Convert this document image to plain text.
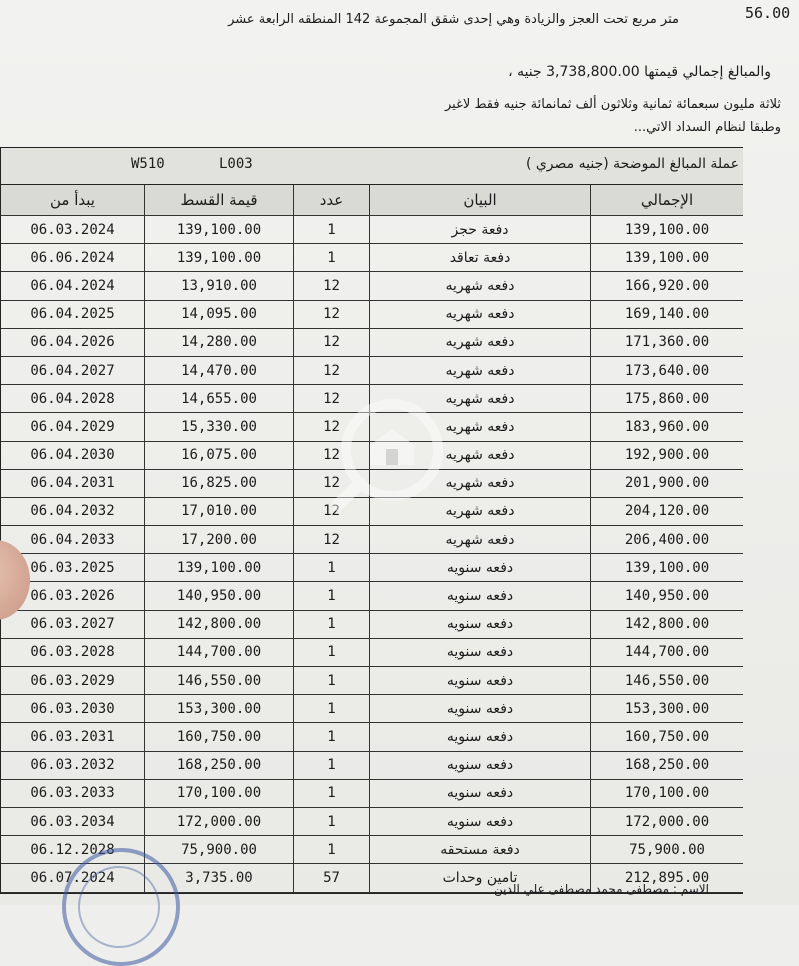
56.00
متر مربع تحت العجز والزيادة وهي إحدى شقق المجموعة 142 المنطقه الرابعة عشر
والمبالغ إجمالي قيمتها 3,738,800.00 جنيه ،
ثلاثة مليون سبعمائة ثمانية وثلاثون ألف ثمانمائة جنيه فقط لاغير
وطبقا لنظام السداد الاتي...
W510	L003	عملة المبالغ الموضحة (جنيه مصري )
يبدأ من	قيمة القسط	عدد	البيان	الإجمالي
06.03.2024	139,100.00	1	دفعة حجز	139,100.00
06.06.2024	139,100.00	1	دفعة تعاقد	139,100.00
06.04.2024	13,910.00	12	دفعه شهريه	166,920.00
06.04.2025	14,095.00	12	دفعه شهريه	169,140.00
06.04.2026	14,280.00	12	دفعه شهريه	171,360.00
06.04.2027	14,470.00	12	دفعه شهريه	173,640.00
06.04.2028	14,655.00	12	دفعه شهريه	175,860.00
06.04.2029	15,330.00	12	دفعه شهريه	183,960.00
06.04.2030	16,075.00	12	دفعه شهريه	192,900.00
06.04.2031	16,825.00	12	دفعه شهريه	201,900.00
06.04.2032	17,010.00	12	دفعه شهريه	204,120.00
06.04.2033	17,200.00	12	دفعه شهريه	206,400.00
06.03.2025	139,100.00	1	دفعه سنويه	139,100.00
06.03.2026	140,950.00	1	دفعه سنويه	140,950.00
06.03.2027	142,800.00	1	دفعه سنويه	142,800.00
06.03.2028	144,700.00	1	دفعه سنويه	144,700.00
06.03.2029	146,550.00	1	دفعه سنويه	146,550.00
06.03.2030	153,300.00	1	دفعه سنويه	153,300.00
06.03.2031	160,750.00	1	دفعه سنويه	160,750.00
06.03.2032	168,250.00	1	دفعه سنويه	168,250.00
06.03.2033	170,100.00	1	دفعه سنويه	170,100.00
06.03.2034	172,000.00	1	دفعه سنويه	172,000.00
06.12.2028	75,900.00	1	دفعة مستحقه	75,900.00
06.07.2024	3,735.00	57	تامين وحدات	212,895.00
الاسم : مصطفى محمد مصطفى علي الدين
